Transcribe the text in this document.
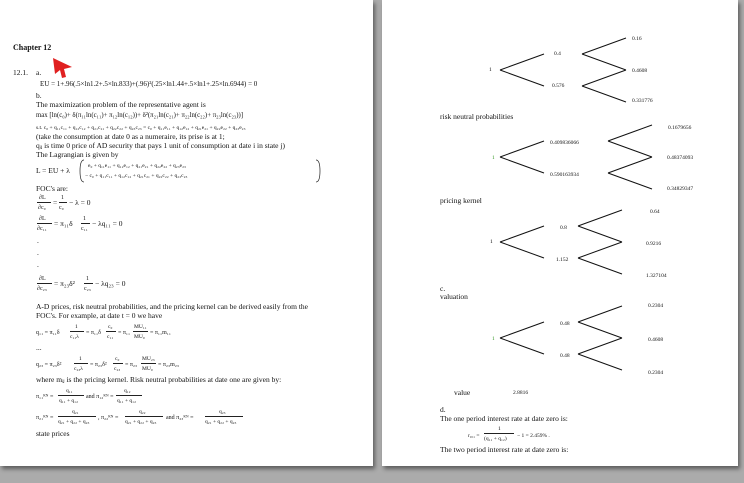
Chapter 12
12.1. a.
EU = 1+.96(.5×ln1.2+.5×ln.833)+(.96)²(.25×ln1.44+.5×ln1+.25×ln.6944) = 0
b.
The maximization problem of the representative agent is
max [ln(c₀)+ δ(π₁₁ln(c₁₁)+ π₁₂ln(c₁₂))+ δ²(π₂₁ln(c₂₁)+ π₂₂ln(c₂₂)+ π₂₃ln(c₂₃))]
s.t. c₀ + q₁₁c₁₁ + q₁₂c₁₂ + q₂₁c₂₁ + q₂₂c₂₂ + q₂₃c₂₃ = c₀ + q₁₁e₁₁ + q₁₂e₁₂ + q₂₁e₂₁ + q₂₂e₂₂ + q₂₃e₂₃
(take the consumption at date 0 as a numeraire, its prise is at 1;
qᵢⱼ is time 0 price of AD security that pays 1 unit of consumption at date i in state j)
The Lagrangian is given by
L = EU + λ	e₀ + q₁₁e₁₁ + q₁₂e₁₂ + q₂₁e₂₁ + q₂₂e₂₂ + q₂₃e₂₃
− c₀ + q₁₁c₁₁ + q₁₂c₁₂ + q₂₁c₂₁ + q₂₂c₂₂ + q₂₃c₂₃
FOC's are:
∂L
∂c₀
= 1
c₀
− λ = 0
∂L
∂c₁₁
= π₁₁δ 1
c₁₁
− λq₁₁ = 0
.
.
.
∂L
∂c₂₃
= π₂₃δ² 1
c₂₃
− λq₂₃ = 0
A-D prices, risk neutral probabilities, and the pricing kernel can be derived easily from the
FOC's. For example, at date t = 0 we have
q₁₁ = π₁₁δ
1
c₁₁λ
= π₁₁δ
c₀
c₁₁
= π₁₁
MU₁₁
MU₀
= π₁₁m₁₁
...
q₂₃ = π₂₃δ²
1
c₂₃λ
= π₂₃δ²
c₀
c₂₃
= π₂₃
MU₂₃
MU₀
= π₂₃m₂₃
where mᵢⱼ is the pricing kernel. Risk neutral probabilities at date one are given by:
π₁₁ᴿᴺ =
q₁₁
q₁₁ + q₁₂
and π₁₂ᴿᴺ =
q₁₂
q₁₁ + q₁₂
π₂₁ᴿᴺ =
q₂₁
q₂₁ + q₂₂ + q₂₃
, π₂₂ᴿᴺ =
q₂₂
q₂₁ + q₂₂ + q₂₃
and π₂₃ᴿᴺ =
q₂₃
q₂₁ + q₂₂ + q₂₃
state prices
1
0.4
0.576
0.16
0.4608
0.331776
risk neutral probabilities
1
0.409836066
0.590163934
0.1679656
0.48374093
0.34829347
pricing kernel
1
0.8
1.152
0.64
0.9216
1.327104
c.
valuation
1
0.48
0.48
0.2304
0.4608
0.2304
value	2.8816
d.
The one period interest rate at date zero is:
r₀,₁ =
1
(q₁₁ + q₁₂) − 1 = 2.459% .
The two period interest rate at date zero is:
